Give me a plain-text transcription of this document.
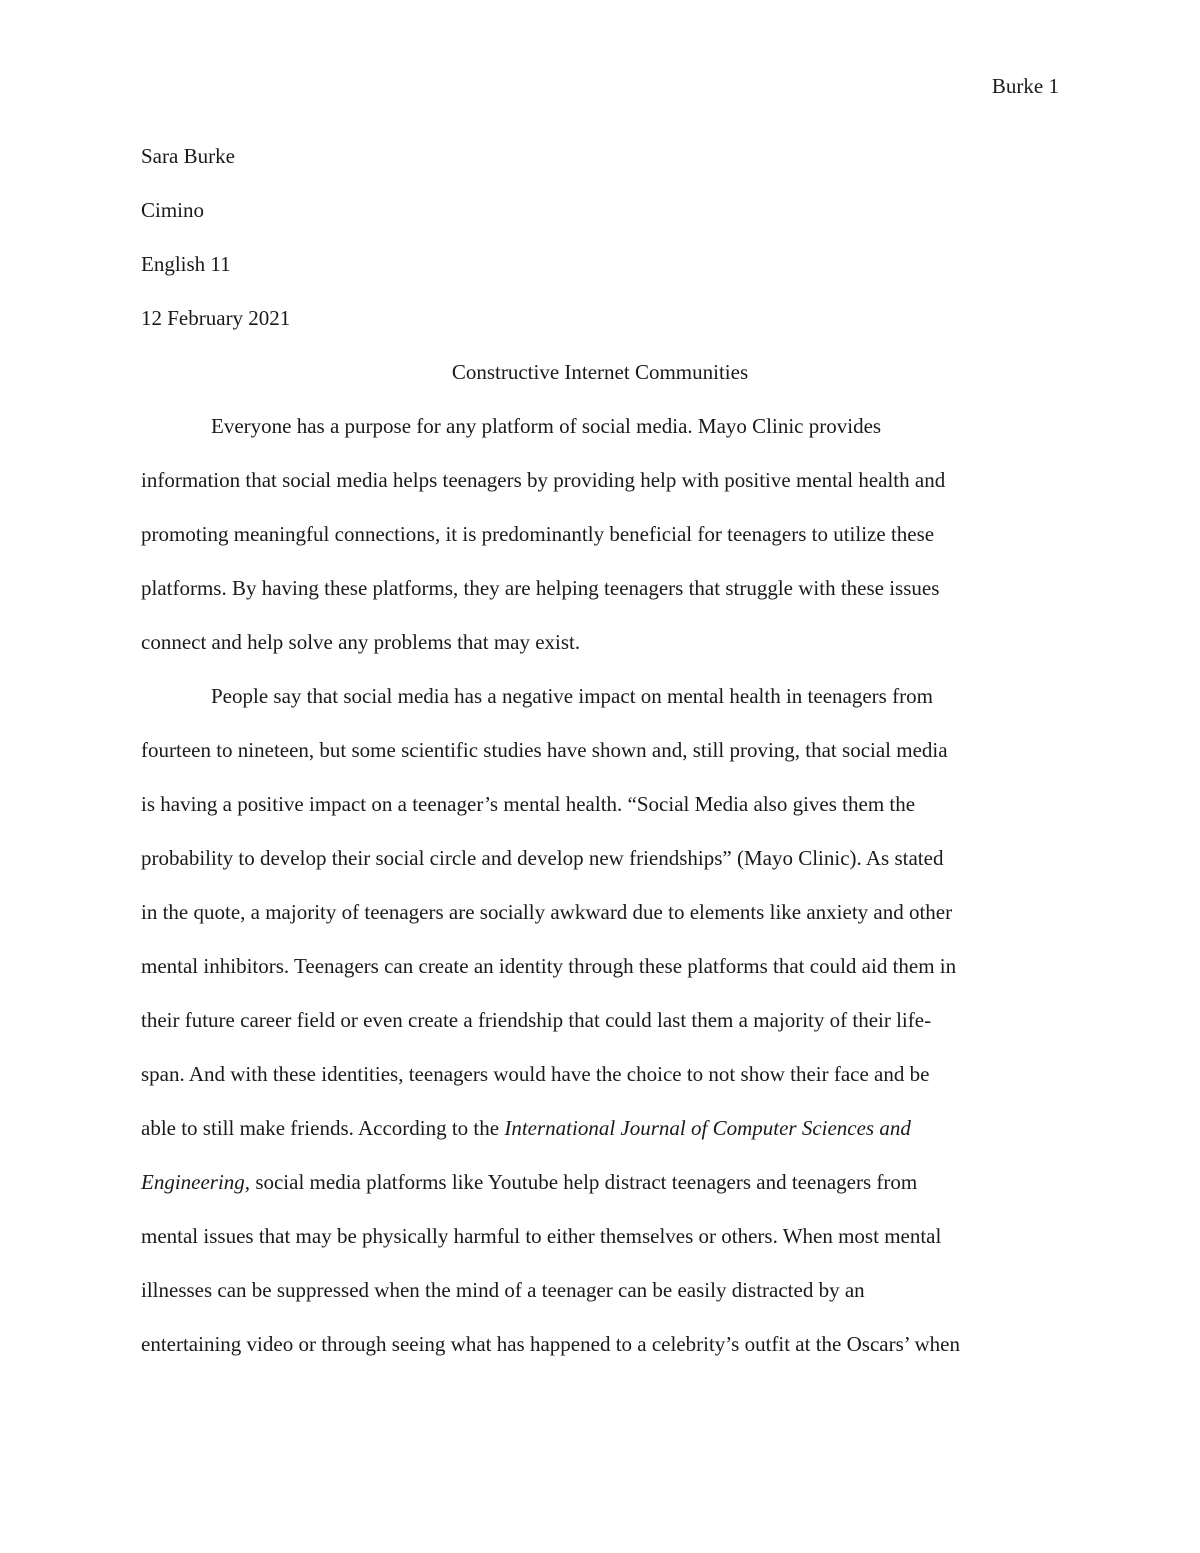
Burke 1

Sara Burke

Cimino

English 11

12 February 2021

Constructive Internet Communities

Everyone has a purpose for any platform of social media. Mayo Clinic provides
information that social media helps teenagers by providing help with positive mental health and
promoting meaningful connections, it is predominantly beneficial for teenagers to utilize these
platforms. By having these platforms, they are helping teenagers that struggle with these issues
connect and help solve any problems that may exist.
People say that social media has a negative impact on mental health in teenagers from
fourteen to nineteen, but some scientific studies have shown and, still proving, that social media
is having a positive impact on a teenager’s mental health. “Social Media also gives them the
probability to develop their social circle and develop new friendships” (Mayo Clinic). As stated
in the quote, a majority of teenagers are socially awkward due to elements like anxiety and other
mental inhibitors. Teenagers can create an identity through these platforms that could aid them in
their future career field or even create a friendship that could last them a majority of their life-
span. And with these identities, teenagers would have the choice to not show their face and be
able to still make friends. According to the International Journal of Computer Sciences and
Engineering, social media platforms like Youtube help distract teenagers and teenagers from
mental issues that may be physically harmful to either themselves or others. When most mental
illnesses can be suppressed when the mind of a teenager can be easily distracted by an
entertaining video or through seeing what has happened to a celebrity’s outfit at the Oscars’ when
